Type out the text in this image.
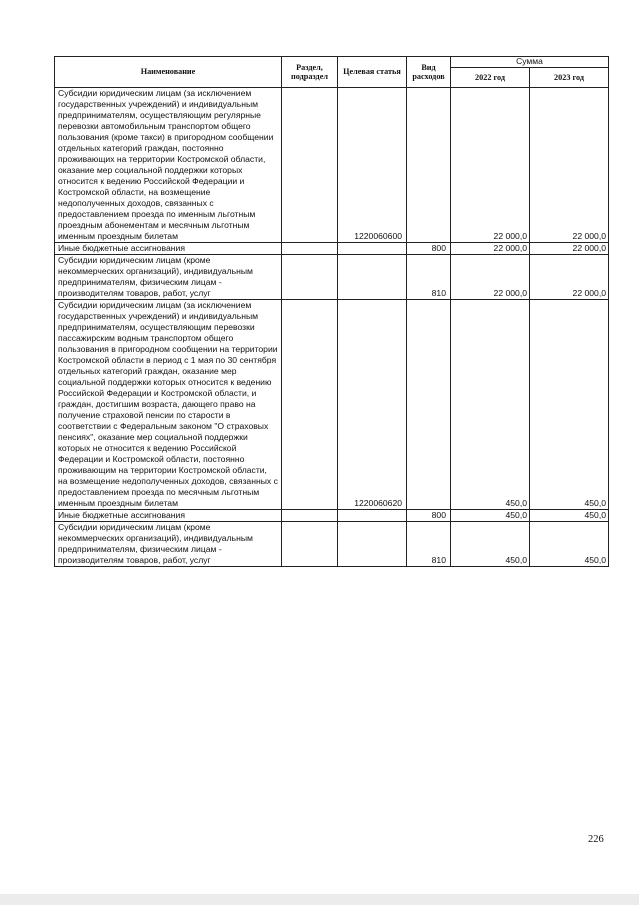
Наименование	Раздел, подраздел	Целевая статья	Вид расходов	Сумма	
				2022 год	2023 год
Субсидии юридическим лицам (за исключением государственных учреждений) и индивидуальным предпринимателям, осуществляющим регулярные перевозки автомобильным транспортом общего пользования (кроме такси) в пригородном сообщении отдельных категорий граждан, постоянно проживающих на территории Костромской области, оказание мер социальной поддержки которых относится к ведению Российской Федерации и Костромской области, на возмещение недополученных доходов, связанных с предоставлением проезда по именным льготным проездным абонементам и месячным льготным именным проездным билетам		1220060600		22 000,0	22 000,0
Иные бюджетные ассигнования			800	22 000,0	22 000,0
Субсидии юридическим лицам (кроме некоммерческих организаций), индивидуальным предпринимателям, физическим лицам - производителям товаров, работ, услуг			810	22 000,0	22 000,0
Субсидии юридическим лицам (за исключением государственных учреждений) и индивидуальным предпринимателям, осуществляющим перевозки пассажирским водным транспортом общего пользования в пригородном сообщении на территории Костромской области в период с 1 мая по 30 сентября отдельных категорий граждан, оказание мер социальной поддержки которых относится к ведению Российской Федерации и Костромской области, и граждан, достигшим возраста, дающего право на получение страховой пенсии по старости в соответствии с Федеральным законом "О страховых пенсиях", оказание мер социальной поддержки которых не относится к ведению Российской Федерации и Костромской области, постоянно проживающим на территории Костромской области, на возмещение недополученных доходов, связанных с предоставлением проезда по месячным льготным именным проездным билетам		1220060620		450,0	450,0
Иные бюджетные ассигнования			800	450,0	450,0
Субсидии юридическим лицам (кроме некоммерческих организаций), индивидуальным предпринимателям, физическим лицам - производителям товаров, работ, услуг			810	450,0	450,0
226
